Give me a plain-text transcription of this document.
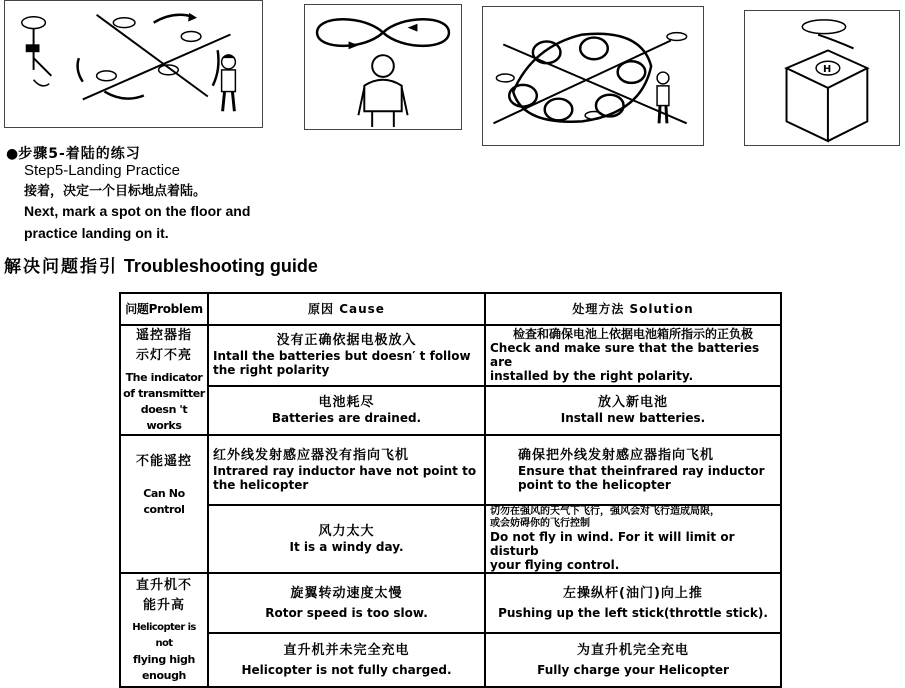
H
●步骤5-着陆的练习
Step5-Landing Practice
接着，决定一个目标地点着陆。
Next, mark a spot on the floor and
practice landing on it.
解决问题指引 Troubleshooting guide
问题Problem	原因 Cause	处理方法 Solution

遥控器指
示灯不亮
The indicator
of transmitter
doesn 't works	没有正确依据电极放入
Intall the batteries but doesn′ t follow
the right polarity	检查和确保电池上依据电池箱所指示的正负极
Check and make sure that the batteries are
installed by the right polarity.

	电池耗尽
Batteries are drained.	放入新电池
Install new batteries.

不能遥控
Can No
control	红外线发射感应器没有指向飞机
Intrared ray inductor have not point to
the helicopter	确保把外线发射感应器指向飞机
Ensure that theinfrared ray inductor
point to the helicopter

	风力太大
It is a windy day.	切勿在强风的天气下飞行，强风会对飞行造成局限，
或会妨碍你的飞行控制
Do not fly in wind. For it will limit or disturb
your flying control.

直升机不
能升高
Helicopter is not
flying high
enough	旋翼转动速度太慢
Rotor speed is too slow.	左操纵杆(油门)向上推
Pushing up the left stick(throttle stick).

	直升机并未完全充电
Helicopter is not fully charged.	为直升机完全充电
Fully charge your Helicopter
